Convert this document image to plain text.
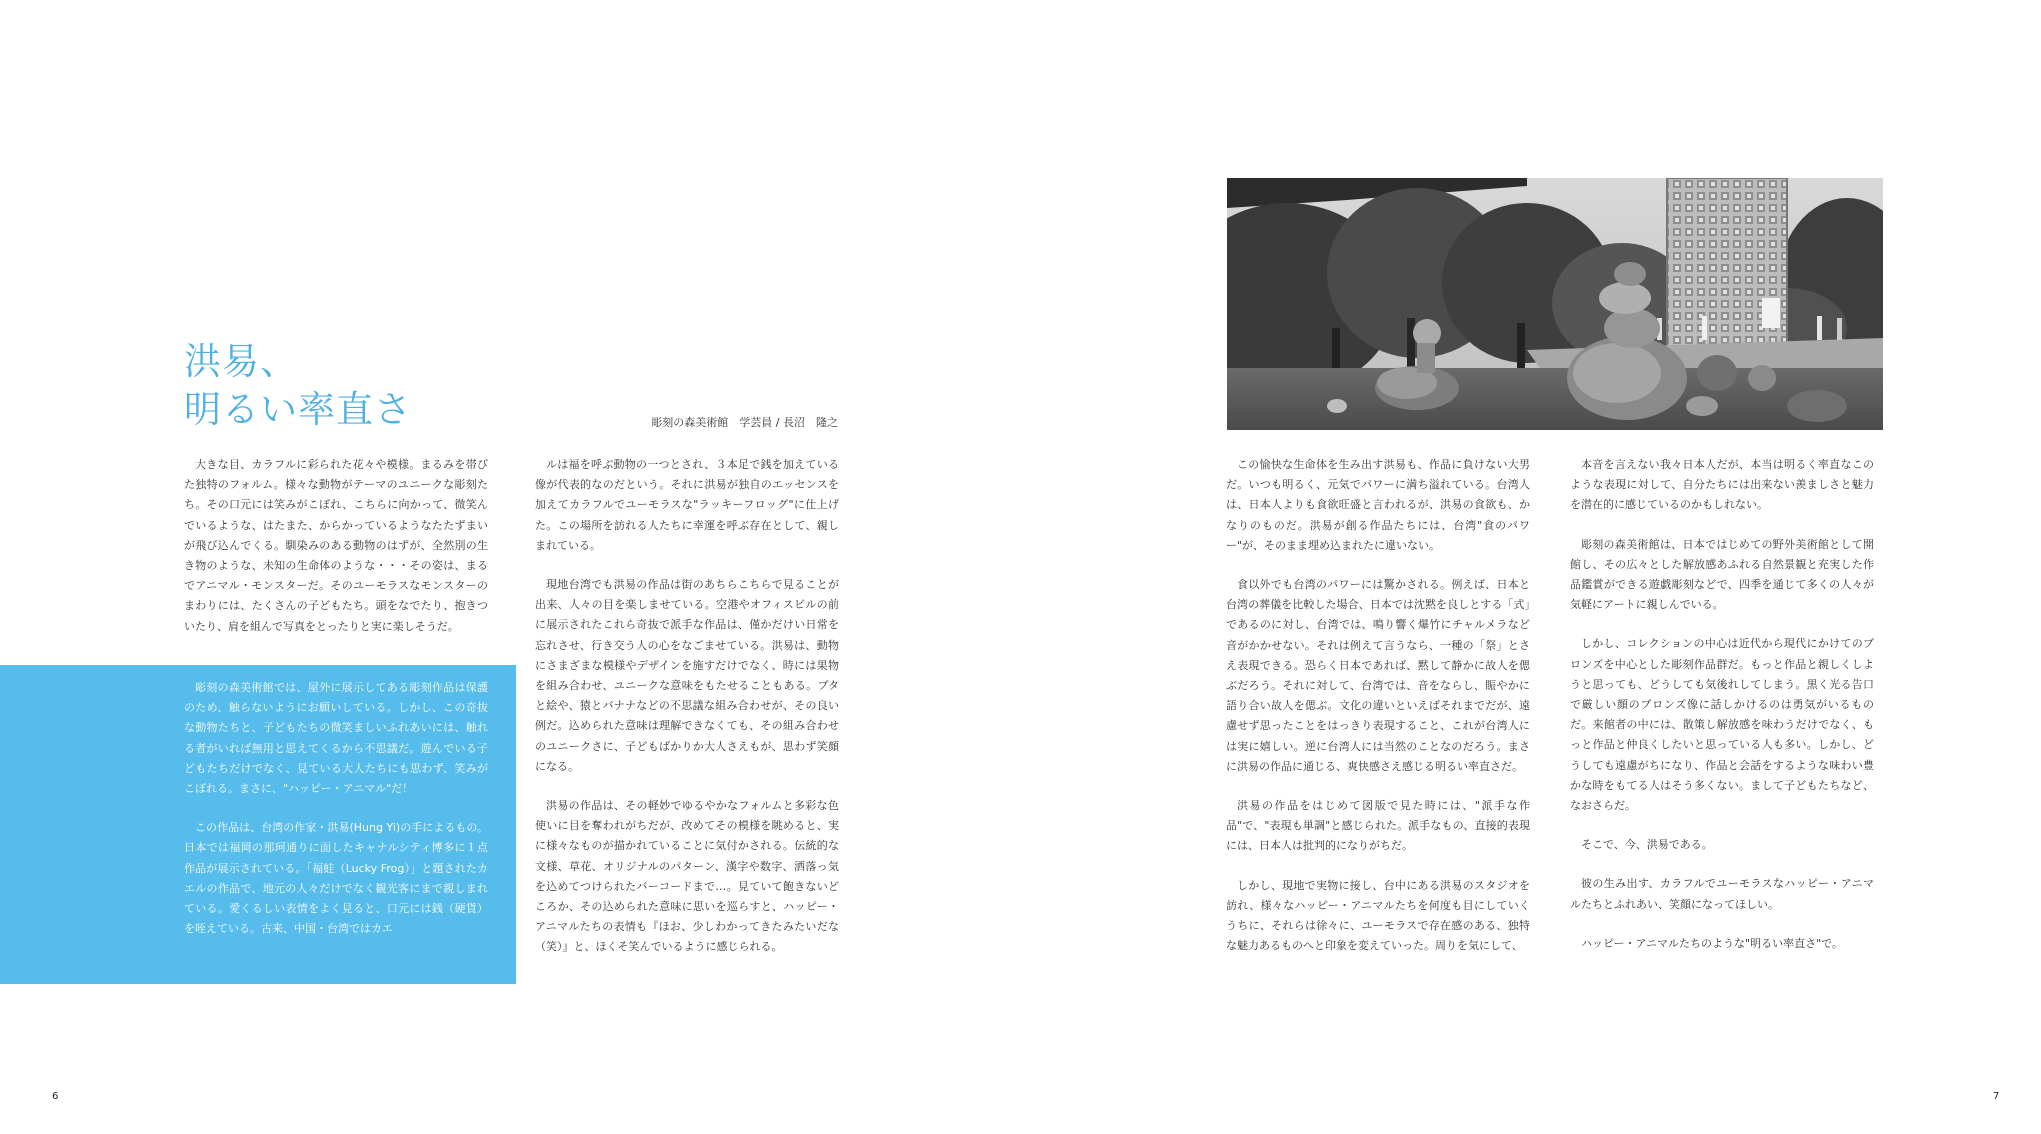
洪易、
明るい率直さ	彫刻の森美術館　学芸員 / 長沼　隆之

大きな目、カラフルに彩られた花々や模様。まるみを帯びた独特のフォルム。様々な動物がテーマのユニークな彫刻たち。その口元には笑みがこぼれ、こちらに向かって、微笑んでいるような、はたまた、からかっているようなたたずまいが飛び込んでくる。馴染みのある動物のはずが、全然別の生き物のような、未知の生命体のような・・・その姿は、まるでアニマル・モンスターだ。そのユーモラスなモンスターのまわりには、たくさんの子どもたち。頭をなでたり、抱きついたり、肩を組んで写真をとったりと実に楽しそうだ。

彫刻の森美術館では、屋外に展示してある彫刻作品は保護のため、触らないようにお願いしている。しかし、この奇抜な動物たちと、子どもたちの微笑ましいふれあいには、触れる者がいれば無用と思えてくるから不思議だ。遊んでいる子どもたちだけでなく、見ている大人たちにも思わず、笑みがこぼれる。まさに、"ハッピー・アニマル"だ！

この作品は、台湾の作家・洪易(Hung Yi)の手によるもの。日本では福岡の那珂通りに面したキャナルシティ博多に１点作品が展示されている。「福蛙（Lucky Frog）」と題されたカエルの作品で、地元の人々だけでなく観光客にまで親しまれている。愛くるしい表情をよく見ると、口元には銭（硬貨）を咥えている。古来、中国・台湾ではカエ

ルは福を呼ぶ動物の一つとされ、３本足で銭を加えている像が代表的なのだという。それに洪易が独自のエッセンスを加えてカラフルでユーモラスな"ラッキーフロッグ"に仕上げた。この場所を訪れる人たちに幸運を呼ぶ存在として、親しまれている。

現地台湾でも洪易の作品は街のあちらこちらで見ることが出来、人々の目を楽しませている。空港やオフィスビルの前に展示されたこれら奇抜で派手な作品は、僅かだけい日常を忘れさせ、行き交う人の心をなごませている。洪易は、動物にさまざまな模様やデザインを施すだけでなく、時には果物を組み合わせ、ユニークな意味をもたせることもある。ブタと絵や、猿とバナナなどの不思議な組み合わせが、その良い例だ。込められた意味は理解できなくても、その組み合わせのユニークさに、子どもばかりか大人さえもが、思わず笑顔になる。

洪易の作品は、その軽妙でゆるやかなフォルムと多彩な色使いに目を奪われがちだが、改めてその模様を眺めると、実に様々なものが描かれていることに気付かされる。伝統的な文様、草花、オリジナルのパターン、漢字や数字、洒落っ気を込めてつけられたバーコードまで…。見ていて飽きないどころか、その込められた意味に思いを巡らすと、ハッピー・アニマルたちの表情も『ほお、少しわかってきたみたいだな（笑）』と、ほくそ笑んでいるように感じられる。

6

この愉快な生命体を生み出す洪易も、作品に負けない大男だ。いつも明るく、元気でパワーに満ち溢れている。台湾人は、日本人よりも食欲旺盛と言われるが、洪易の食欲も、かなりのものだ。洪易が創る作品たちには、台湾"食のパワー"が、そのまま埋め込まれたに違いない。

食以外でも台湾のパワーには驚かされる。例えば、日本と台湾の葬儀を比較した場合、日本では沈黙を良しとする「式」であるのに対し、台湾では、鳴り響く爆竹にチャルメラなど音がかかせない。それは例えて言うなら、一種の「祭」とさえ表現できる。恐らく日本であれば、黙して静かに故人を偲ぶだろう。それに対して、台湾では、音をならし、賑やかに語り合い故人を偲ぶ。文化の違いといえばそれまでだが、遠慮せず思ったことをはっきり表現すること、これが台湾人には実に嬉しい。逆に台湾人には当然のことなのだろう。まさに洪易の作品に通じる、爽快感さえ感じる明るい率直さだ。

洪易の作品をはじめて図版で見た時には、"派手な作品"で、"表現も単調"と感じられた。派手なもの、直接的表現には、日本人は批判的になりがちだ。

しかし、現地で実物に接し、台中にある洪易のスタジオを訪れ、様々なハッピー・アニマルたちを何度も目にしていくうちに、それらは徐々に、ユーモラスで存在感のある、独特な魅力あるものへと印象を変えていった。周りを気にして、

本音を言えない我々日本人だが、本当は明るく率直なこのような表現に対して、自分たちには出来ない羨ましさと魅力を潜在的に感じているのかもしれない。

彫刻の森美術館は、日本ではじめての野外美術館として開館し、その広々とした解放感あふれる自然景観と充実した作品鑑賞ができる遊戯彫刻などで、四季を通じて多くの人々が気軽にアートに親しんでいる。

しかし、コレクションの中心は近代から現代にかけてのブロンズを中心とした彫刻作品群だ。もっと作品と親しくしようと思っても、どうしても気後れしてしまう。黒く光る告口で厳しい顔のブロンズ像に話しかけるのは勇気がいるものだ。来館者の中には、散策し解放感を味わうだけでなく、もっと作品と仲良くしたいと思っている人も多い。しかし、どうしても遠慮がちになり、作品と会話をするような味わい豊かな時をもてる人はそう多くない。まして子どもたちなど、なおさらだ。

そこで、今、洪易である。

彼の生み出す、カラフルでユーモラスなハッピー・アニマルたちとふれあい、笑顔になってほしい。

ハッピー・アニマルたちのような"明るい率直さ"で。

7
